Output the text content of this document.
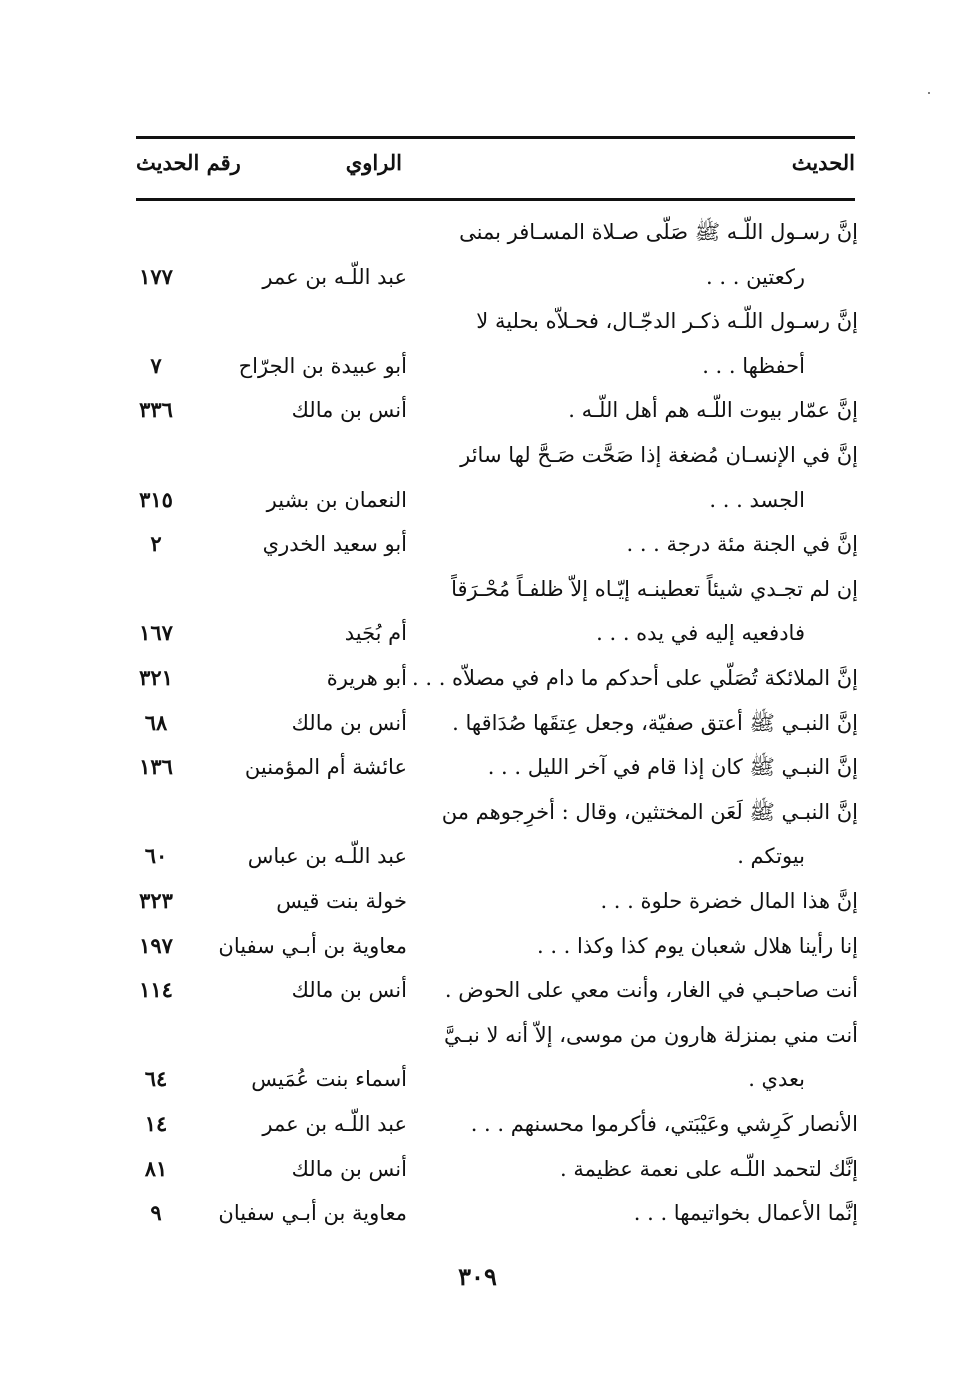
الحديث
الراوي
رقم الحديث
إنَّ رسـول اللّـه ﷺ صَلّى صـلاة المسـافر بمنى
ركعتين . . .
عبد اللّـه بن عمر
١٧٧
إنَّ رسـول اللّـه ذكـر الدجّـال، فحـلاّه بحلية لا
أحفظها . . .
أبو عبيدة بن الجرّاح
٧
إنَّ عمّار بيوت اللّـه هم أهل اللّـه .
أنس بن مالك
٣٣٦
إنَّ في الإنسـان مُضغة إذا صَحَّت صَـحَّ لها سائر
الجسد . . .
النعمان بن بشير
٣١٥
إنَّ في الجنة مئة درجة . . .
أبو سعيد الخدري
٢
إن لم تجـدي شيئاً تعطينـه إيّـاه إلاّ ظلفـاً مُحْـرَقاً
فادفعيه إليه في يده . . .
أم بُجَيد
١٦٧
إنَّ الملائكة تُصَلّي على أحدكم ما دام في مصلاّه . . .
أبو هريرة
٣٢١
إنَّ النبـي ﷺ أعتق صفيّة، وجعل عِتقَها صُدَاقها .
أنس بن مالك
٦٨
إنَّ النبـي ﷺ كان إذا قام في آخر الليل . . .
عائشة أم المؤمنين
١٣٦
إنَّ النبـي ﷺ لَعَن المختثين، وقال : أخرِجوهم من
بيوتكم .
عبد اللّـه بن عباس
٦٠
إنَّ هذا المال خضرة حلوة . . .
خولة بنت قيس
٣٢٣
إنا رأينا هلال شعبان يوم كذا وكذا . . .
معاوية بن أبـي سفيان
١٩٧
أنت صاحبـي في الغار، وأنت معي على الحوض .
أنس بن مالك
١١٤
أنت مني بمنزلة هارون من موسى، إلاّ أنه لا نبـيَّ
بعدي .
أسماء بنت عُمَيس
٦٤
الأنصار كَرِشي وعَيْبَتي، فأكرموا محسنهم . . .
عبد اللّـه بن عمر
١٤
إنَّك لتحمد اللّـه على نعمة عظيمة .
أنس بن مالك
٨١
إنَّما الأعمال بخواتيمها . . .
معاوية بن أبـي سفيان
٩
٣٠٩
